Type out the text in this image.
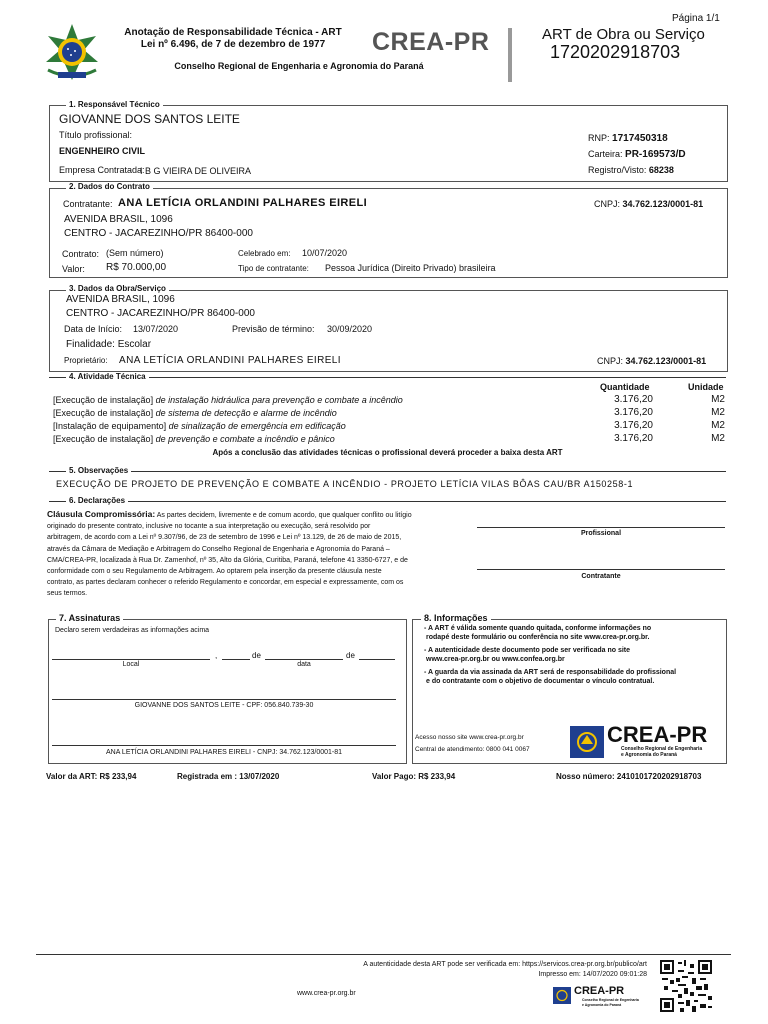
Anotação de Responsabilidade Técnica - ART
Lei nº 6.496, de 7 de dezembro de 1977
Conselho Regional de Engenharia e Agronomia do Paraná
CREA-PR
Página 1/1
ART de Obra ou Serviço
1720202918703
1. Responsável Técnico
GIOVANNE DOS SANTOS LEITE
Título profissional:
ENGENHEIRO CIVIL
Empresa Contratada:
I B G VIEIRA DE OLIVEIRA
RNP: 1717450318
Carteira: PR-169573/D
Registro/Visto: 68238
2. Dados do Contrato
Contratante: ANA LETÍCIA ORLANDINI PALHARES EIRELI	CNPJ: 34.762.123/0001-81
AVENIDA BRASIL, 1096
CENTRO - JACAREZINHO/PR 86400-000
Contrato: (Sem número)	Celebrado em: 10/07/2020
Valor: R$ 70.000,00	Tipo de contratante: Pessoa Jurídica (Direito Privado) brasileira
3. Dados da Obra/Serviço
AVENIDA BRASIL, 1096
CENTRO - JACAREZINHO/PR 86400-000
Data de Início: 13/07/2020	Previsão de término: 30/09/2020
Finalidade: Escolar
Proprietário: ANA LETÍCIA ORLANDINI PALHARES EIRELI	CNPJ: 34.762.123/0001-81
4. Atividade Técnica
Quantidade	Unidade
[Execução de instalação] de instalação hidráulica para prevenção e combate a incêndio	3.176,20	M2
[Execução de instalação] de sistema de detecção e alarme de incêndio	3.176,20	M2
[Instalação de equipamento] de sinalização de emergência em edificação	3.176,20	M2
[Execução de instalação] de prevenção e combate a incêndio e pânico	3.176,20	M2
Após a conclusão das atividades técnicas o profissional deverá proceder a baixa desta ART
5. Observações
EXECUÇÃO DE PROJETO DE PREVENÇÃO E COMBATE A INCÊNDIO - PROJETO LETÍCIA VILAS BÔAS CAU/BR A150258-1
6. Declarações
Cláusula Compromissória: As partes decidem, livremente e de comum acordo, que qualquer conflito ou litígio
originado do presente contrato, inclusive no tocante a sua interpretação ou execução, será resolvido por
arbitragem, de acordo com a Lei nº 9.307/96, de 23 de setembro de 1996 e Lei nº 13.129, de 26 de maio de 2015,
através da Câmara de Mediação e Arbitragem do Conselho Regional de Engenharia e Agronomia do Paraná –
CMA/CREA-PR, localizada à Rua Dr. Zamenhof, nº 35, Alto da Glória, Curitiba, Paraná, telefone 41 3350-6727, e de
conformidade com o seu Regulamento de Arbitragem. Ao optarem pela inserção da presente cláusula neste
contrato, as partes declaram conhecer o referido Regulamento e concordar, em especial e expressamente, com os
seus termos.
Profissional
Contratante
7. Assinaturas
Declaro serem verdadeiras as informações acima
,	de	de
Local	data
GIOVANNE DOS SANTOS LEITE - CPF: 056.840.739-30
ANA LETÍCIA ORLANDINI PALHARES EIRELI - CNPJ: 34.762.123/0001-81
8. Informações
- A ART é válida somente quando quitada, conforme informações no
rodapé deste formulário ou conferência no site www.crea-pr.org.br.
- A autenticidade deste documento pode ser verificada no site
www.crea-pr.org.br ou www.confea.org.br
- A guarda da via assinada da ART será de responsabilidade do profissional
e do contratante com o objetivo de documentar o vínculo contratual.
Acesso nosso site www.crea-pr.org.br
Central de atendimento: 0800 041 0067
CREA-PR
Conselho Regional de Engenharia
e Agronomia do Paraná
Valor da ART: R$ 233,94	Registrada em : 13/07/2020	Valor Pago: R$ 233,94	Nosso número: 2410101720202918703
A autenticidade desta ART pode ser verificada em: https://servicos.crea-pr.org.br/publico/art
Impresso em: 14/07/2020 09:01:28
www.crea-pr.org.br	CREA-PR
Conselho Regional de Engenharia
e Agronomia do Paraná
